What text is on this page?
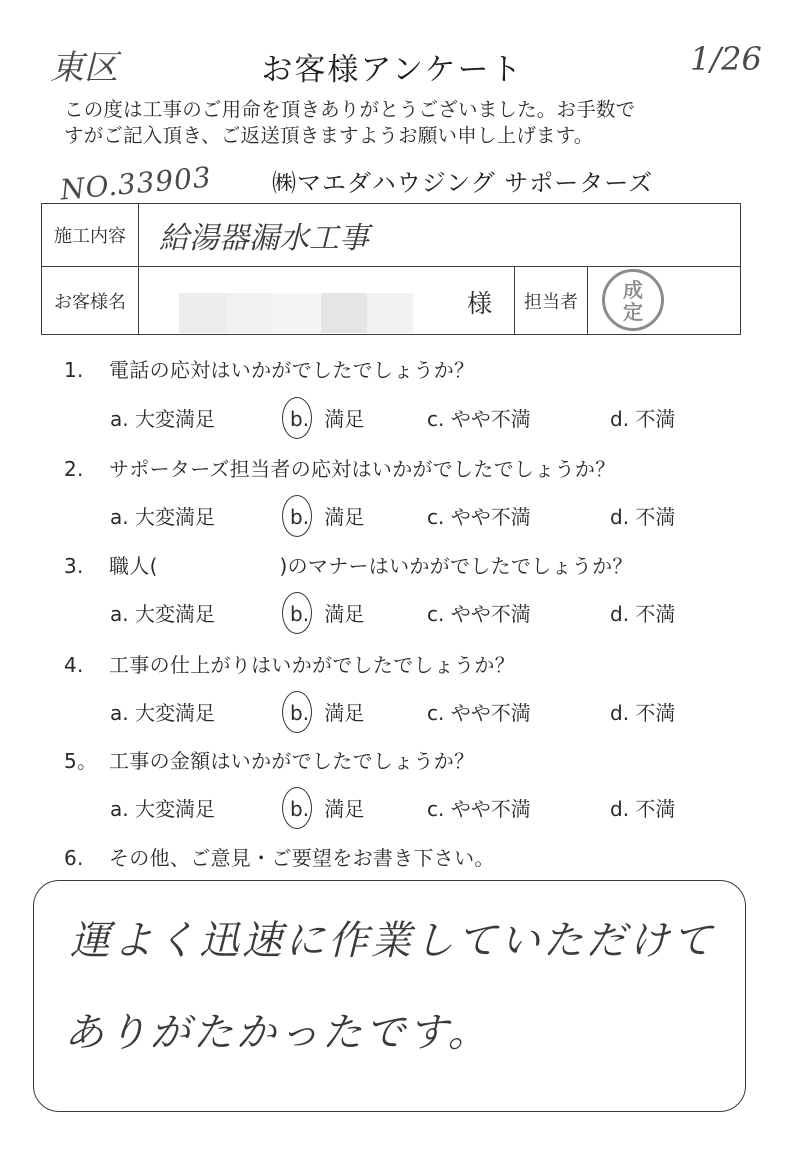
東区	お客様アンケート	1/26
この度は工事のご用命を頂きありがとうございました。お手数で
すがご記入頂き、ご返送頂きますようお願い申し上げます。
NO.33903 ㈱マエダハウジング サポーターズ
施工内容	給湯器漏水工事		
お客様名	様	担当者	成
定
1. 電話の応対はいかがでしたでしょうか？
a. 大変満足	b. 満足	c. やや不満	d. 不満
2. サポーターズ担当者の応対はいかがでしたでしょうか？
a. 大変満足	b. 満足	c. やや不満	d. 不満
3. 職人(　　　　　　)のマナーはいかがでしたでしょうか？
a. 大変満足	b. 満足	c. やや不満	d. 不満
4. 工事の仕上がりはいかがでしたでしょうか？
a. 大変満足	b. 満足	c. やや不満	d. 不満
5。 工事の金額はいかがでしたでしょうか？
a. 大変満足	b. 満足	c. やや不満	d. 不満
6. その他、ご意見・ご要望をお書き下さい。
運よく迅速に作業していただけて
ありがたかったです。
